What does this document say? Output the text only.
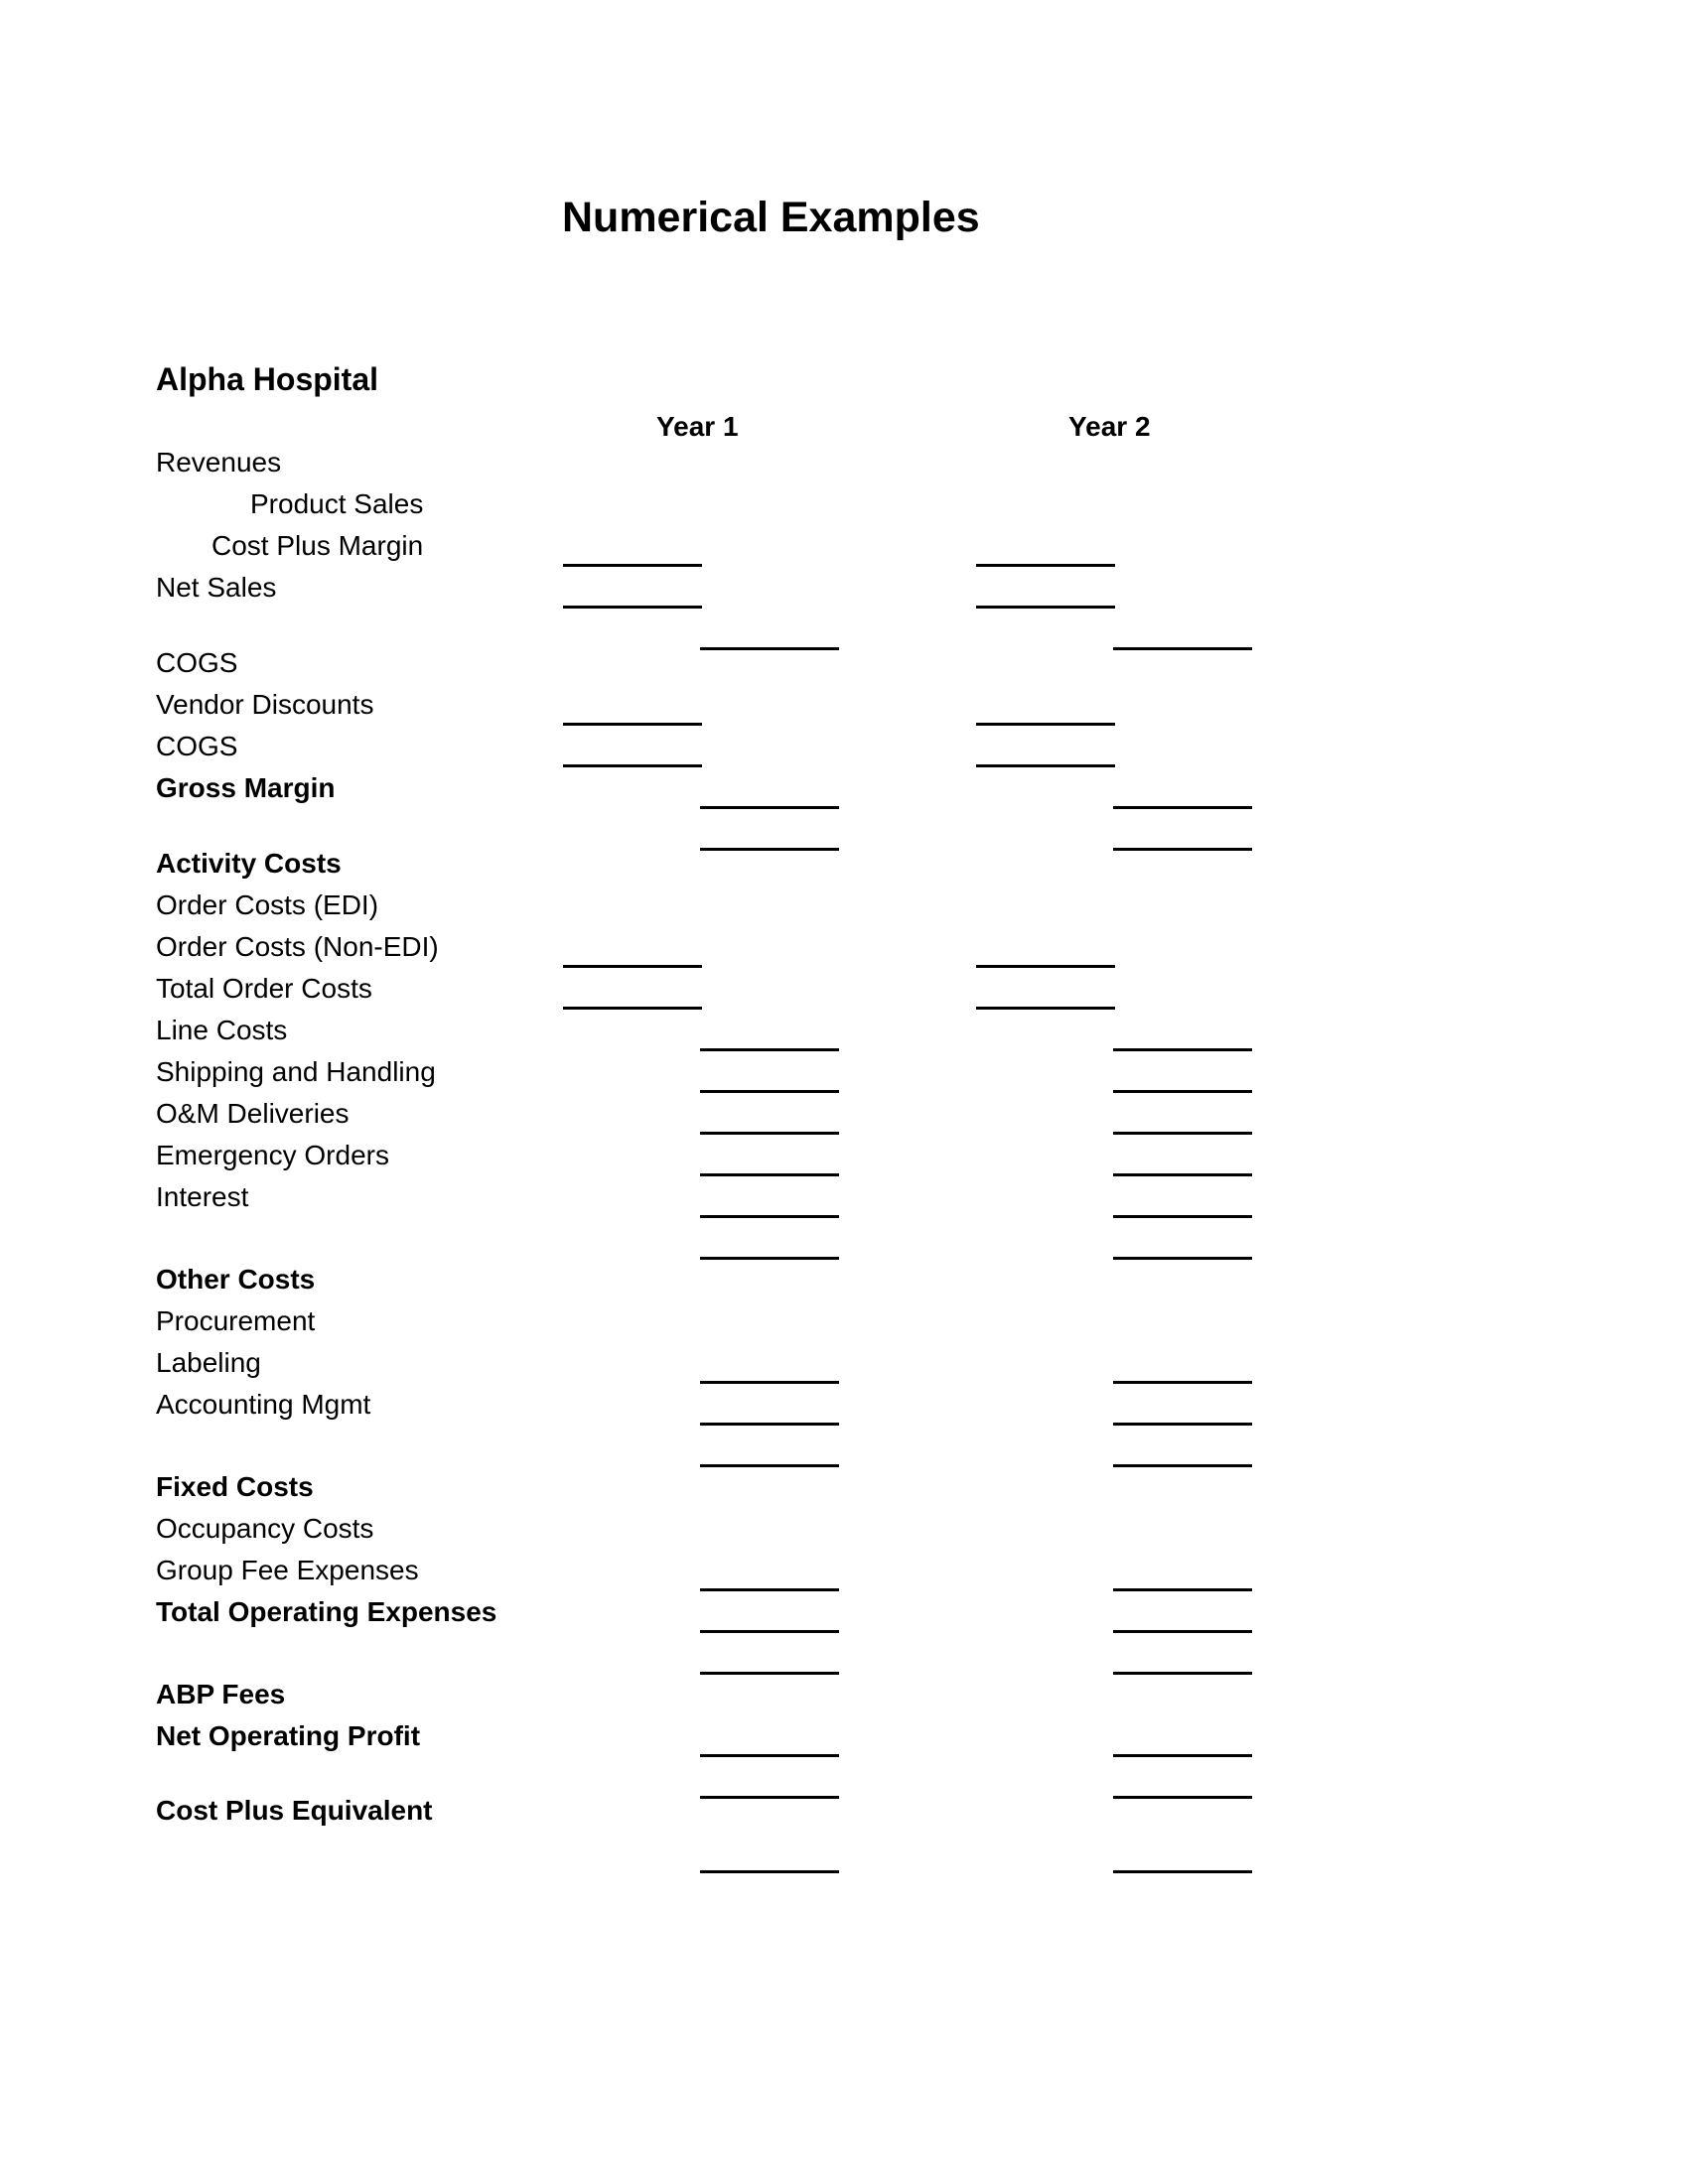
Numerical Examples
Alpha Hospital
Year 1	Year 2
Revenues
Product Sales
Cost Plus Margin
Net Sales
COGS
Vendor Discounts
COGS
Gross Margin
Activity Costs
Order Costs (EDI)
Order Costs (Non-EDI)
Total Order Costs
Line Costs
Shipping and Handling
O&M Deliveries
Emergency Orders
Interest
Other Costs
Procurement
Labeling
Accounting Mgmt
Fixed Costs
Occupancy Costs
Group Fee Expenses
Total Operating Expenses
ABP Fees
Net Operating Profit
Cost Plus Equivalent
